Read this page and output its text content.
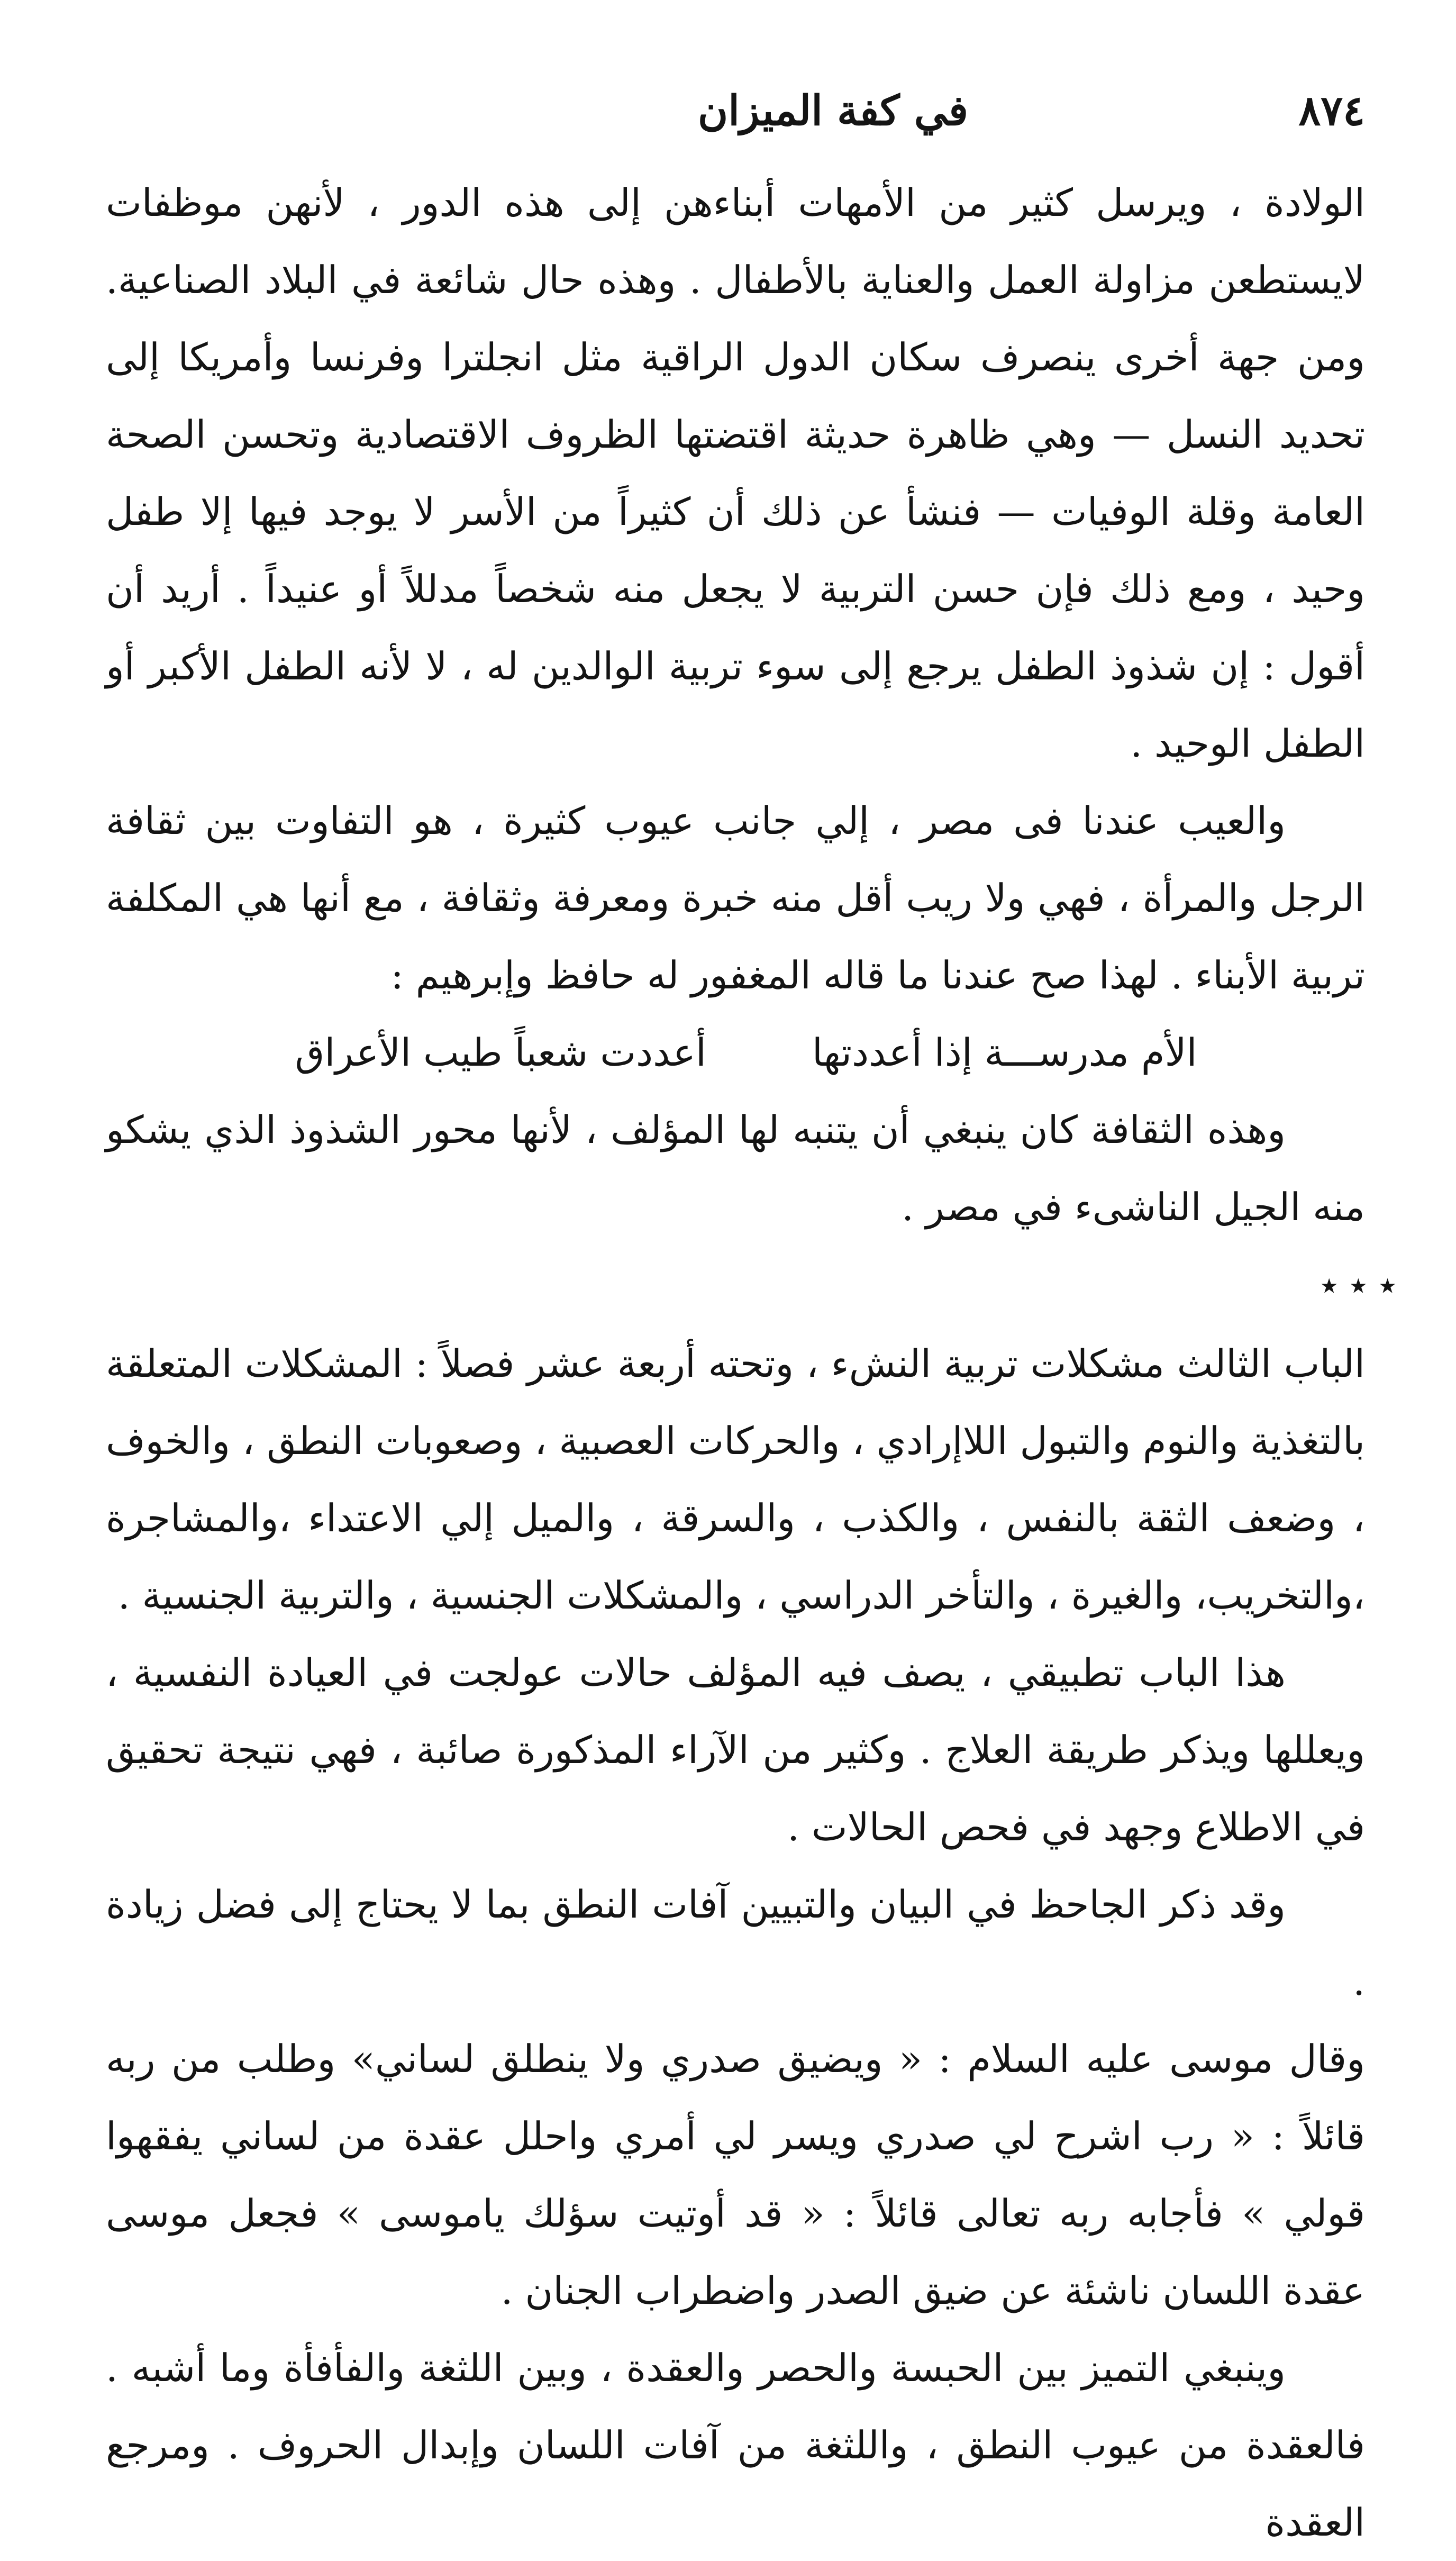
٨٧٤
في كفة الميزان

الولادة ، ويرسل كثير من الأمهات أبناءهن إلى هذه الدور ، لأنهن موظفات لايستطعن مزاولة العمل والعناية بالأطفال . وهذه حال شائعة في البلاد الصناعية. ومن جهة أخرى ينصرف سكان الدول الراقية مثل انجلترا وفرنسا وأمريكا إلى تحديد النسل — وهي ظاهرة حديثة اقتضتها الظروف الاقتصادية وتحسن الصحة العامة وقلة الوفيات — فنشأ عن ذلك أن كثيراً من الأسر لا يوجد فيها إلا طفل وحيد ، ومع ذلك فإن حسن التربية لا يجعل منه شخصاً مدللاً أو عنيداً . أريد أن أقول : إن شذوذ الطفل يرجع إلى سوء تربية الوالدين له ، لا لأنه الطفل الأكبر أو الطفل الوحيد .

والعيب عندنا فى مصر ، إلي جانب عيوب كثيرة ، هو التفاوت بين ثقافة الرجل والمرأة ، فهي ولا ريب أقل منه خبرة ومعرفة وثقافة ، مع أنها هي المكلفة تربية الأبناء . لهذا صح عندنا ما قاله المغفور له حافظ وإبرهيم :

الأم مدرســـة إذا أعددتها
أعددت شعباً طيب الأعراق

وهذه الثقافة كان ينبغي أن يتنبه لها المؤلف ، لأنها محور الشذوذ الذي يشكو منه الجيل الناشىء في مصر .

٭ ٭ ٭

الباب الثالث مشكلات تربية النشء ، وتحته أربعة عشر فصلاً : المشكلات المتعلقة بالتغذية والنوم والتبول اللاإرادي ، والحركات العصبية ، وصعوبات النطق ، والخوف ، وضعف الثقة بالنفس ، والكذب ، والسرقة ، والميل إلي الاعتداء ،والمشاجرة ،والتخريب، والغيرة ، والتأخر الدراسي ، والمشكلات الجنسية ، والتربية الجنسية .

هذا الباب تطبيقي ، يصف فيه المؤلف حالات عولجت في العيادة النفسية ، ويعللها ويذكر طريقة العلاج . وكثير من الآراء المذكورة صائبة ، فهي نتيجة تحقيق في الاطلاع وجهد في فحص الحالات .

وقد ذكر الجاحظ في البيان والتبيين آفات النطق بما لا يحتاج إلى فضل زيادة .

وقال موسى عليه السلام : « ويضيق صدري ولا ينطلق لساني» وطلب من ربه قائلاً : « رب اشرح لي صدري ويسر لي أمري واحلل عقدة من لساني يفقهوا قولي » فأجابه ربه تعالى قائلاً : « قد أوتيت سؤلك ياموسى » فجعل موسى عقدة اللسان ناشئة عن ضيق الصدر واضطراب الجنان .

وينبغي التميز بين الحبسة والحصر والعقدة ، وبين اللثغة والفأفأة وما أشبه . فالعقدة من عيوب النطق ، واللثغة من آفات اللسان وإبدال الحروف . ومرجع العقدة
